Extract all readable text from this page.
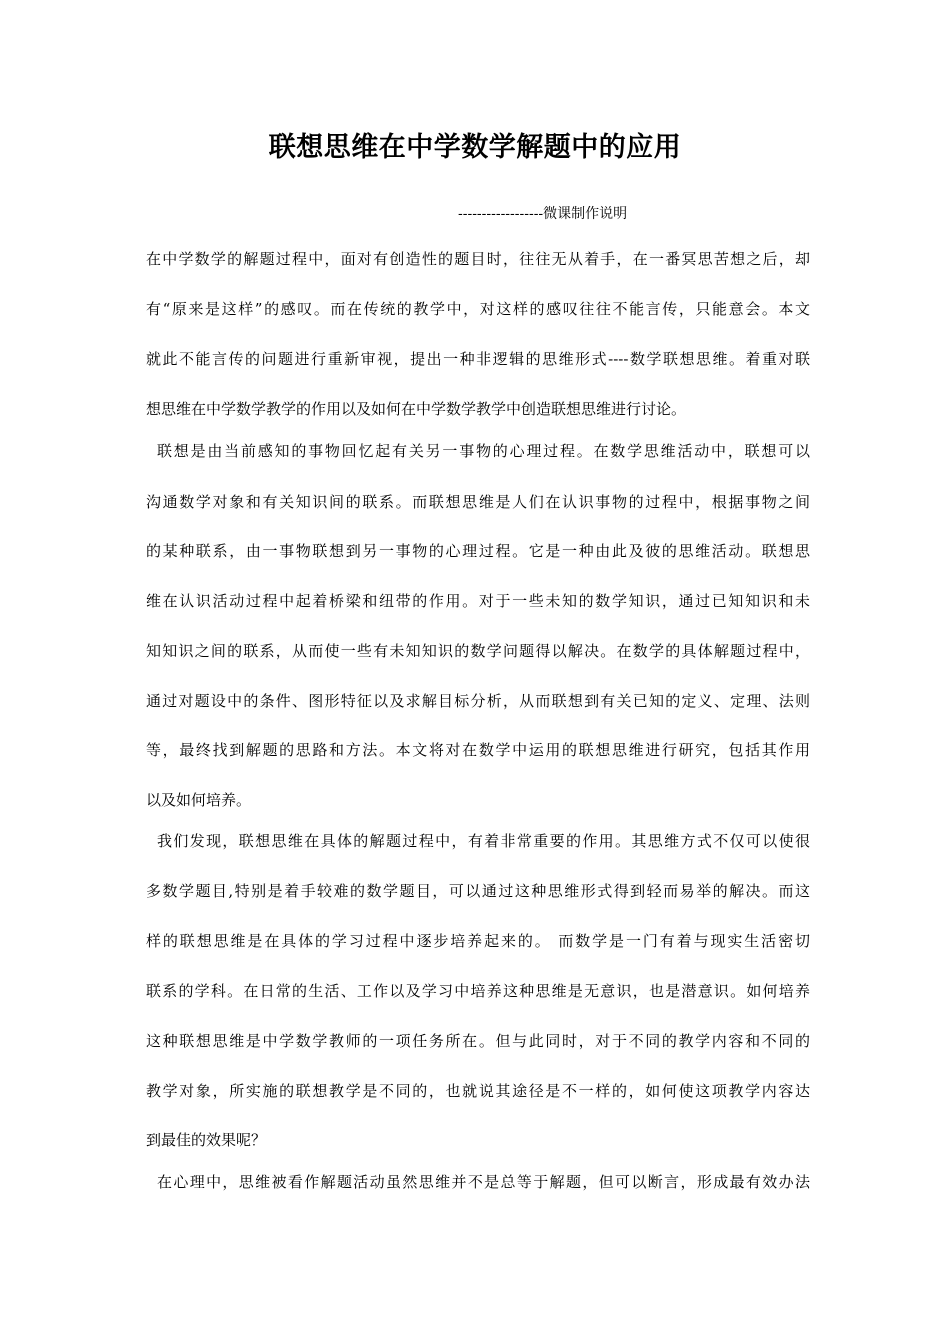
联想思维在中学数学解题中的应用
------------------微课制作说明
在中学数学的解题过程中，面对有创造性的题目时，往往无从着手，在一番冥思苦想之后，却
有“原来是这样”的感叹。而在传统的教学中，对这样的感叹往往不能言传，只能意会。本文
就此不能言传的问题进行重新审视，提出一种非逻辑的思维形式----数学联想思维。着重对联
想思维在中学数学教学的作用以及如何在中学数学教学中创造联想思维进行讨论。
联想是由当前感知的事物回忆起有关另一事物的心理过程。在数学思维活动中，联想可以
沟通数学对象和有关知识间的联系。而联想思维是人们在认识事物的过程中，根据事物之间
的某种联系，由一事物联想到另一事物的心理过程。它是一种由此及彼的思维活动。联想思
维在认识活动过程中起着桥梁和纽带的作用。对于一些未知的数学知识，通过已知知识和未
知知识之间的联系，从而使一些有未知知识的数学问题得以解决。在数学的具体解题过程中，
通过对题设中的条件、图形特征以及求解目标分析，从而联想到有关已知的定义、定理、法则
等，最终找到解题的思路和方法。本文将对在数学中运用的联想思维进行研究，包括其作用
以及如何培养。
我们发现，联想思维在具体的解题过程中，有着非常重要的作用。其思维方式不仅可以使很
多数学题目,特别是着手较难的数学题目，可以通过这种思维形式得到轻而易举的解决。而这
样的联想思维是在具体的学习过程中逐步培养起来的。 而数学是一门有着与现实生活密切
联系的学科。在日常的生活、工作以及学习中培养这种思维是无意识，也是潜意识。如何培养
这种联想思维是中学数学教师的一项任务所在。但与此同时，对于不同的教学内容和不同的
教学对象，所实施的联想教学是不同的，也就说其途径是不一样的，如何使这项教学内容达
到最佳的效果呢？
在心理中，思维被看作解题活动虽然思维并不是总等于解题，但可以断言，形成最有效办法
